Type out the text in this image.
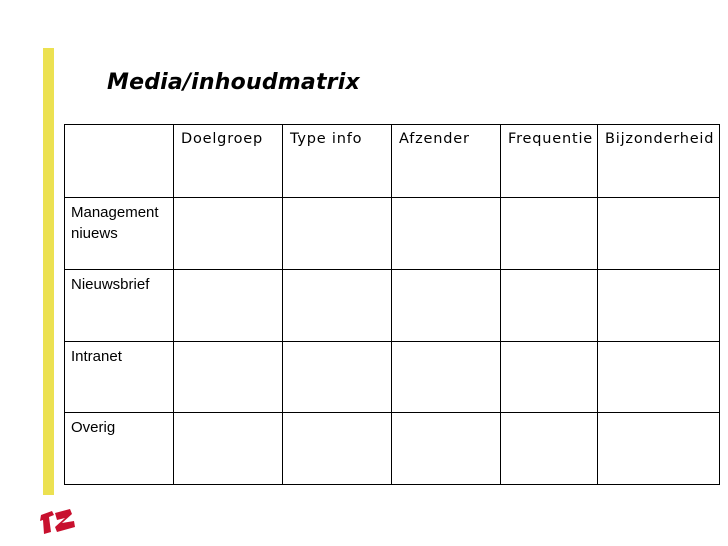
Media/inhoudmatrix
	Doelgroep	Type info	Afzender	Frequentie	Bijzonderheid
Management niuews					
Nieuwsbrief					
Intranet					
Overig					
